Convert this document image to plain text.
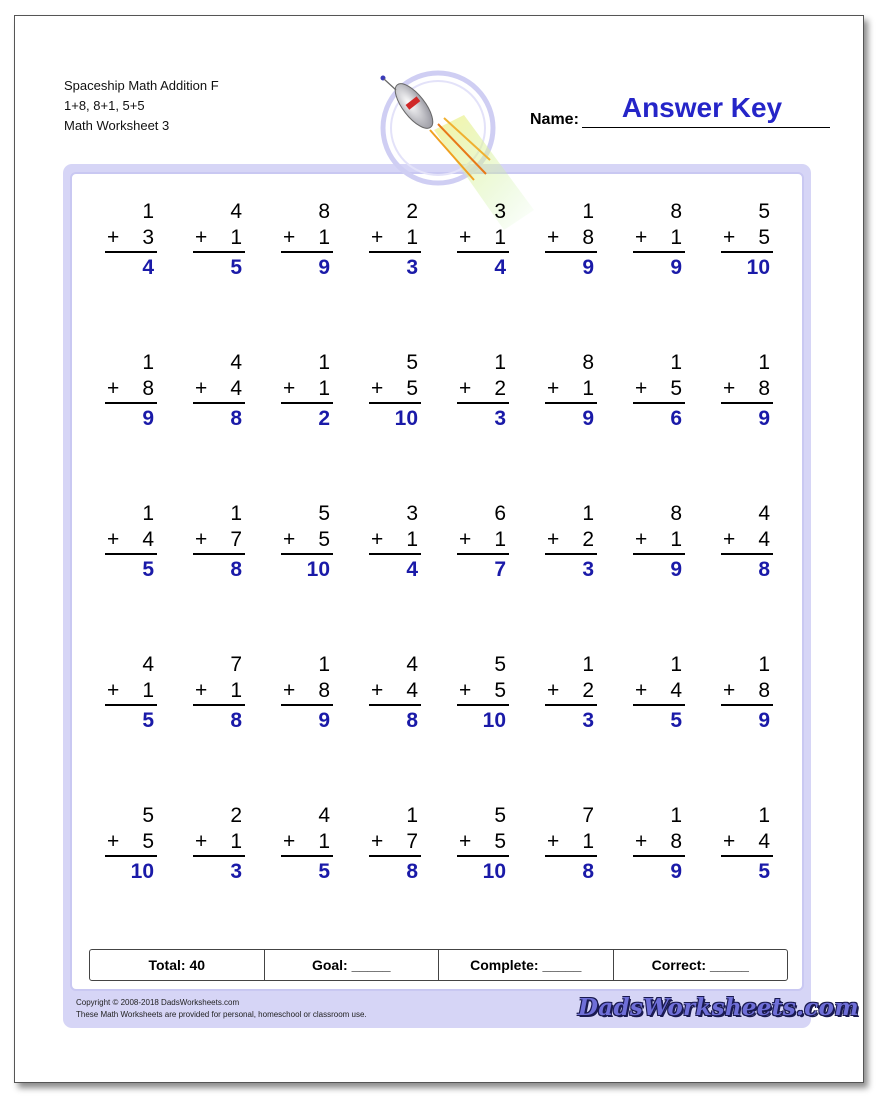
Spaceship Math Addition F
1+8, 8+1, 5+5
Math Worksheet 3	Name:	Answer Key
1
+ 3
4
4
+ 1
5
8
+ 1
9
2
+ 1
3
3
+ 1
4
1
+ 8
9
8
+ 1
9
5
+ 5
10
1
+ 8
9
4
+ 4
8
1
+ 1
2
5
+ 5
10
1
+ 2
3
8
+ 1
9
1
+ 5
6
1
+ 8
9
1
+ 4
5
1
+ 7
8
5
+ 5
10
3
+ 1
4
6
+ 1
7
1
+ 2
3
8
+ 1
9
4
+ 4
8
4
+ 1
5
7
+ 1
8
1
+ 8
9
4
+ 4
8
5
+ 5
10
1
+ 2
3
1
+ 4
5
1
+ 8
9
5
+ 5
10
2
+ 1
3
4
+ 1
5
1
+ 7
8
5
+ 5
10
7
+ 1
8
1
+ 8
9
1
+ 4
5
Total: 40	Goal: _____	Complete: _____	Correct: _____
Copyright © 2008-2018 DadsWorksheets.com
These Math Worksheets are provided for personal, homeschool or classroom use.	DadsWorksheets.com
